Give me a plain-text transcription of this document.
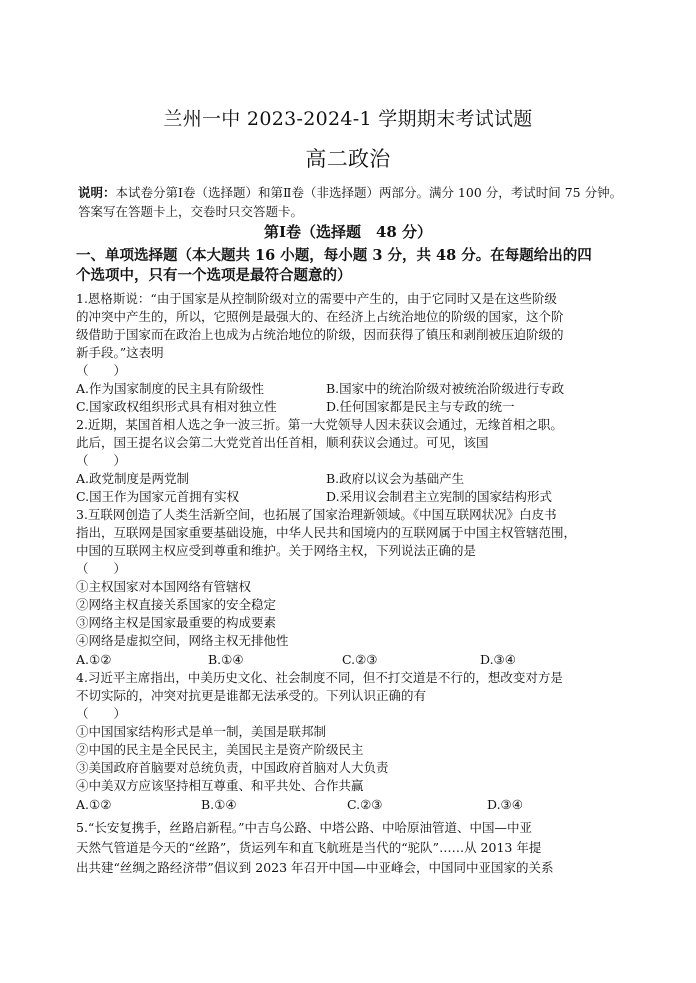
兰州一中 2023-2024-1 学期期末考试试题
高二政治
说明：本试卷分第Ⅰ卷（选择题）和第Ⅱ卷（非选择题）两部分。满分 100 分，考试时间 75 分钟。答案写在答题卡上，交卷时只交答题卡。
第Ⅰ卷（选择题　48 分）
一、单项选择题（本大题共 16 小题，每小题 3 分，共 48 分。在每题给出的四
个选项中，只有一个选项是最符合题意的）
1.恩格斯说：“由于国家是从控制阶级对立的需要中产生的，由于它同时又是在这些阶级
的冲突中产生的，所以，它照例是最强大的、在经济上占统治地位的阶级的国家，这个阶
级借助于国家而在政治上也成为占统治地位的阶级，因而获得了镇压和剥削被压迫阶级的
新手段。”这表明
（　　）
A.作为国家制度的民主具有阶级性	B.国家中的统治阶级对被统治阶级进行专政
C.国家政权组织形式具有相对独立性	D.任何国家都是民主与专政的统一
2.近期，某国首相人选之争一波三折。第一大党领导人因未获议会通过，无缘首相之职。
此后，国王提名议会第二大党党首出任首相，顺利获议会通过。可见，该国
（　　）
A.政党制度是两党制	B.政府以议会为基础产生
C.国王作为国家元首拥有实权	D.采用议会制君主立宪制的国家结构形式
3.互联网创造了人类生活新空间，也拓展了国家治理新领域。《中国互联网状况》白皮书
指出，互联网是国家重要基础设施，中华人民共和国境内的互联网属于中国主权管辖范围，
中国的互联网主权应受到尊重和维护。关于网络主权，下列说法正确的是
（　　）
①主权国家对本国网络有管辖权
②网络主权直接关系国家的安全稳定
③网络主权是国家最重要的构成要素
④网络是虚拟空间，网络主权无排他性
A.①②	B.①④	C.②③	D.③④
4.习近平主席指出，中美历史文化、社会制度不同，但不打交道是不行的，想改变对方是
不切实际的，冲突对抗更是谁都无法承受的。下列认识正确的有
（　　）
①中国国家结构形式是单一制，美国是联邦制
②中国的民主是全民民主，美国民主是资产阶级民主
③美国政府首脑要对总统负责，中国政府首脑对人大负责
④中美双方应该坚持相互尊重、和平共处、合作共赢
A.①②	B.①④	C.②③	D.③④
5.“长安复携手，丝路启新程。”中吉乌公路、中塔公路、中哈原油管道、中国—中亚
天然气管道是今天的“丝路”，货运列车和直飞航班是当代的“驼队”……从 2013 年提
出共建“丝绸之路经济带”倡议到 2023 年召开中国—中亚峰会，中国同中亚国家的关系
